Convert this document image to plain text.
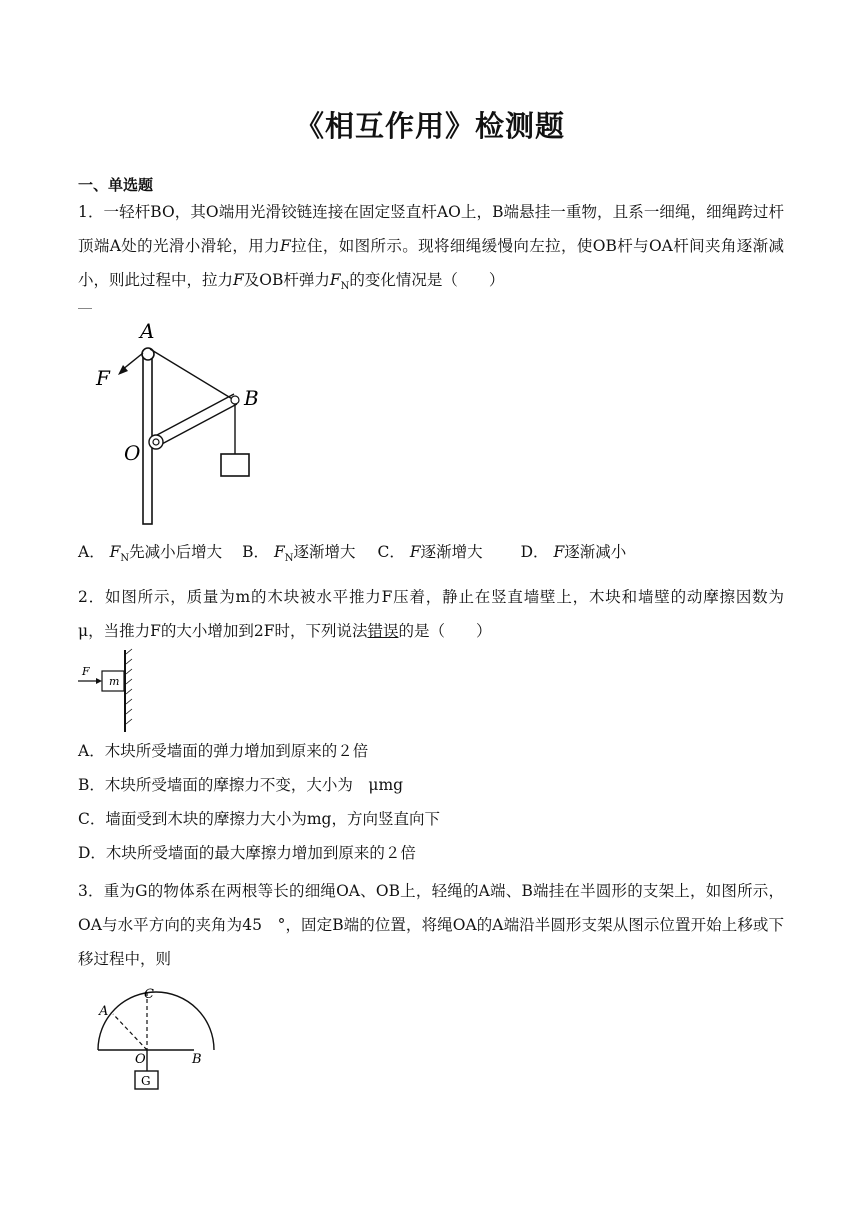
《相互作用》检测题
一、单选题
1．一轻杆BO，其O端用光滑铰链连接在固定竖直杆AO上，B端悬挂一重物，且系一细绳，细绳跨过杆顶端A处的光滑小滑轮，用力F拉住，如图所示。现将细绳缓慢向左拉，使OB杆与OA杆间夹角逐渐减小，则此过程中，拉力F及OB杆弹力$F_N$的变化情况是（　　）
A
F
B
O
A． $F_N$先减小后增大 B． $F_N$逐渐增大 C． F逐渐增大 D． F逐渐减小
2．如图所示，质量为m的木块被水平推力F压着，静止在竖直墙壁上，木块和墙壁的动摩擦因数为　μ，当推力F的大小增加到2F时，下列说法错误的是（　　）
F
m
A．木块所受墙面的弹力增加到原来的２倍
B．木块所受墙面的摩擦力不变，大小为　μmg
C．墙面受到木块的摩擦力大小为mg，方向竖直向下
D．木块所受墙面的最大摩擦力增加到原来的２倍
3．重为G的物体系在两根等长的细绳OA、OB上，轻绳的A端、B端挂在半圆形的支架上，如图所示，OA与水平方向的夹角为45　°，固定B端的位置，将绳OA的A端沿半圆形支架从图示位置开始上移或下移过程中，则
C
A
O	B
G
